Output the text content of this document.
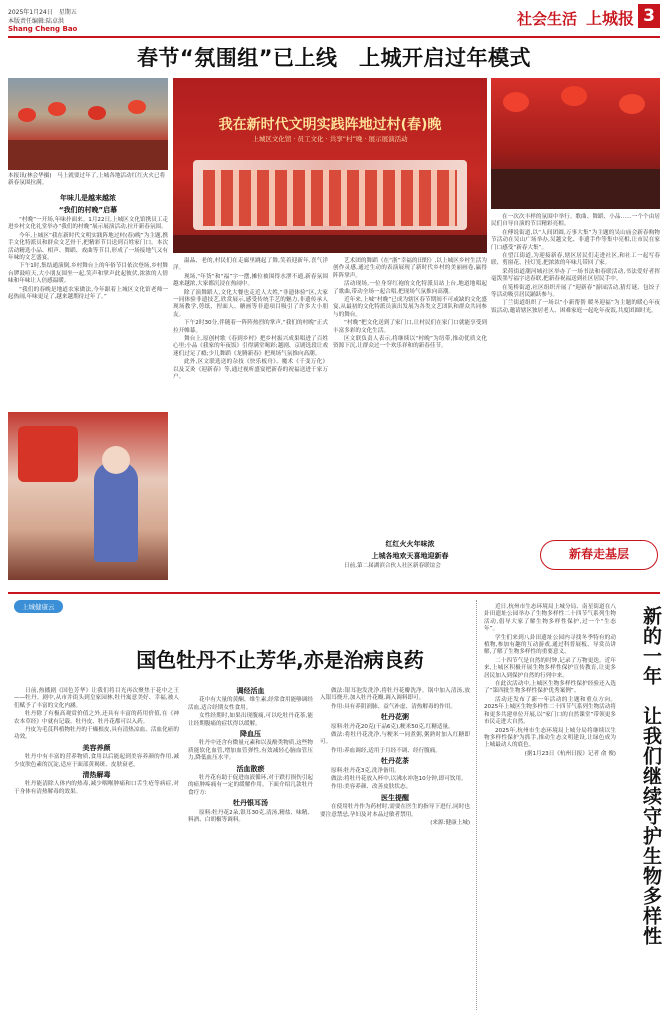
2025年1月24日　星期五
本版责任编辑:陆卓洪
Shang Cheng Bao
社会生活 上城报 3
春节“氛围组”已上线　上城开启过年模式
本报讯(林会华摄)　马上就要过年了,上城各地活动红红火火已将新春氛围拉满。
我在新时代文明实践阵地过村(春)晚
上城区文化馆 · 员工文化 · 共享“村”晚 · 展示展演活动
年味儿是越来越浓
“我们的村晚”启幕

“村晚”一开场,年味扑面来。1月22日,上城区文化馆携员工走进乡村文化礼堂举办“我们的村晚”展示展演活动,拉开新春氛围。

今年,上城区“我在新时代文明实践阵地过村(春)晚”为主题,携手文化特派员和群众文艺骨干,把精彩节目送到百姓家门口。本次活动精选小品、相声、舞蹈、戏曲等节目,形成了一场接地气又有年味的文艺盛宴。

下午1时,集结通演倒,乡村舞台上的年俗节目依次登场,乡村舞台锣鼓喧天,大小朋友围坐一起,笑声和掌声此起彼伏,浓浓的人情味和年味让人倍感温暖。

“我们的春晚是地道农家做法,今年跟着上城区文化馆老师一起热闹,年味更足了,越来越期待过年了。”

温晶、老的,村民们在走廊里跳起了舞,笑着迎新年,喜气洋洋。

现场,“年货”和“福”字一摆,摊位被围得水泄不通,新春氛围越来越浓,大家都沉浸在热闹中。

除了演舞蹈人,文化大餐也走近人大姓,“非遗体验”区,大家一同体验非遗技艺,欣赏展示,感受传统手艺的魅力,非遗传承人现场教学,剪纸、捏面人、糖画等非遗项目吸引了许多大小朋友。

下午2时30分,伴随着一阵阵热烈的掌声,“我们的村晚”正式拉开帷幕。

舞台上,原创村歌《春到乡村》把乡村振兴成果唱进了百姓心里;小品《我家的年夜饭》引得满堂喝彩;越剧、京剧选段让戏迷们过足了瘾;少儿舞蹈《龙腾新春》把现场气氛推向高潮。

此外,区文联选送的杂技《快乐板舟》、魔术《千变万化》以及艾灸《迎新春》等,通过视听盛宴把新春的祝福送进千家万户。

艺术团的舞蹈《在“浙”幸福的田野》,以上城区乡村生活为创作灵感,通过生动的表演展现了新时代乡村的美丽画卷,赢得阵阵掌声。

活动现场,一位身穿红袍的文化特派员站上台,地道地唱起了歌曲,带动全场一起合唱,把现场气氛推向高潮。

近年来,上城“村晚”已成为辖区春节期间不可或缺的文化盛宴,从最初的文化特派员演出发展为各类文艺团队和群众共同参与的舞台。

“村晚”把文化送到了家门口,让村民们在家门口就能享受到丰富多彩的文化生活。

区文联负责人表示,将继续以“村晚”为纽带,推动优质文化资源下沉,让群众过一个欢乐祥和的新春佳节。

红红火火年味浓
上城各地欢天喜地迎新春
日前,第二届湖滨合伙人社区新春联谊会

在一次次丰样的氛围中举行。歌曲、舞蹈、小品……一个个由居民们自导自演的节目精彩亮相。

在傅说街道,以“人间团圆,万事大集”为主题的吴山庙会新春购物节活动在吴山广场举办,吴越文化、非遗手作等集中亮相,让市民在家门口感受“新春大集”。

在望江街道,为迎接新春,辖区居民们走进社区,和社工一起写春联、剪窗花、挂灯笼,把浓浓的年味儿带回了家。

采荷街道潮河城社区举办了一场书法和春联活动,书法爱好者挥毫泼墨写福字送春联,把新春祝福送到社区居民手中。

在笕桥街道,社区组织开展了“迎新春”游园活动,猜灯谜、包饺子等活动吸引居民踊跃参与。

丁兰街道组织了一场以“小新帮帮 暖冬迎福”为主题的暖心年夜饭活动,邀请辖区独居老人、困难家庭一起吃年夜饭,共度团圆时光。

新春走基层
上城健康云
国色牡丹不止芳华,亦是治病良药

日前,热播剧《国色芳华》让我们将目光再次聚焦于花中之王——牡丹。剧中,从市井街头到皇家园林,牡丹寓意美好、幸福,被人们赋予了丰富的文化内涵。

牡丹除了有极高观赏价值之外,还具有丰富的药用价值,在《神农本草经》中就有记载。牡丹皮、牡丹花都可以入药。

丹皮为毛茛科植物牡丹的干燥根皮,具有清热凉血、活血化瘀的功效。

美容养颜

牡丹中有丰富的营养物质,食用以后能起到美容养颜的作用,减少皮肤色素的沉淀,适应于面部黄褐斑、皮肤衰老。

清热解毒

牡丹能清除人体内的热毒,减少咽喉肿痛和口舌生疮等病症,对于身体有清热解毒的效果。

调经活血

花中有大量的黄酮、维生素,经常食用能够调经活血,适合经期女性食用。

女性经期时,如果出现腹痛,可以吃牡丹花茶,能让经期腹痛的症状得以缓解。

降血压

牡丹中还含有微量元素和以及酚类物质,这些物质能软化血管,增加血管弹性,有效减轻心脑血管压力,降低血压水平。

活血散瘀

牡丹花有助于促进血液循环,对于跌打损伤引起的瘀肿疼痛有一定的缓解作用。下面介绍几款牡丹食疗方:

牡丹银耳汤

原料:牡丹花2朵,银耳30克,清汤,精盐、味精、料酒、白胡椒等调料。

做法:银耳泡发洗净,将牡丹花瓣洗净。锅中加入清汤,放入银耳烧开,加入牡丹花瓣,调入调料即可。

作用:具有养阴润肺、益气补虚、清热解毒的作用。

牡丹花粥

原料:牡丹花20克(干品6克),粳米50克,红糖适量。

做法:将牡丹花洗净,与粳米一同煮粥,粥熟时加入红糖即可。

作用:养血调经,适用于月经不调、经行腹痛。

牡丹花茶

原料:牡丹花3克,洗净备用。

做法:将牡丹花放入杯中,以沸水冲泡10分钟,即可饮用。

作用:美容养颜、改善皮肤状态。

医生提醒

在使用牡丹作为药材时,需要在医生的指导下进行,同时也要注意禁忌,孕妇及对本品过敏者禁用。

(来源:健康上城)

近日,杭州市生态环境局上城分局、南星街道在八卦田遗址公园举办了生物多样性二十四节气系列生物活动,倡导大家了解生物多样性保护,过一个“生态年”。

学生们来到八卦田遗址公园内寻找冬季特有的动植物,参加有趣的互动游戏,通过科普展板、导赏员讲解,了解了生物多样性的重要意义。

二十四节气是自然的时钟,记录了万物更迭。近年来,上城区积极开展生物多样性保护宣传教育,让更多居民加入到保护自然的行列中来。

在此次活动中,上城区生物多样性保护经验还入选了“第四批生物多样性保护优秀案例”。

活动还发布了新一年活动的主题和重点方向。2025年上城区生物多样性二十四节气系列生物活动将和更多共建单位开展,以“家门口的自然课堂”带领更多市民走进大自然。

2025年,杭州市生态环境局上城分局将继续以生物多样性保护为抓手,推动生态文明建设,让绿色成为上城最动人的底色。

(据1月23日《杭州日报》记者 俞 俊)	新的一年　让我们继续守护生物多样性
